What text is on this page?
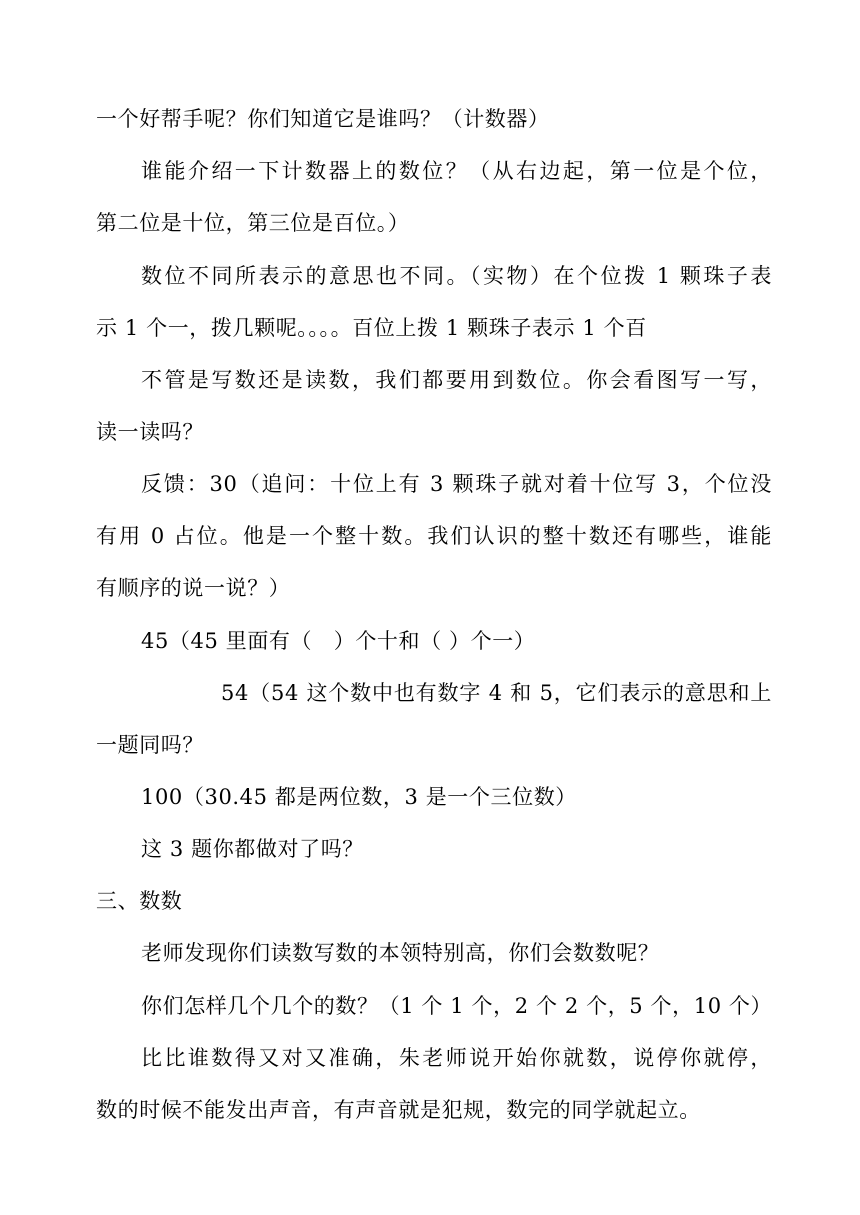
一个好帮手呢？你们知道它是谁吗？（计数器）
谁能介绍一下计数器上的数位？（从右边起，第一位是个位，
第二位是十位，第三位是百位。）
数位不同所表示的意思也不同。（实物）在个位拨 1 颗珠子表
示 1 个一，拨几颗呢。。。。百位上拨 1 颗珠子表示 1 个百
不管是写数还是读数，我们都要用到数位。你会看图写一写，
读一读吗？
反馈：30（追问：十位上有 3 颗珠子就对着十位写 3，个位没
有用 0 占位。他是一个整十数。我们认识的整十数还有哪些，谁能
有顺序的说一说？）
45（45 里面有（　）个十和（ ）个一）
54（54 这个数中也有数字 4 和 5，它们表示的意思和上
一题同吗？
100（30.45 都是两位数，3 是一个三位数）
这 3 题你都做对了吗？
三、数数
老师发现你们读数写数的本领特别高，你们会数数呢？
你们怎样几个几个的数？（1 个 1 个，2 个 2 个，5 个，10 个）
比比谁数得又对又准确，朱老师说开始你就数，说停你就停，
数的时候不能发出声音，有声音就是犯规，数完的同学就起立。
